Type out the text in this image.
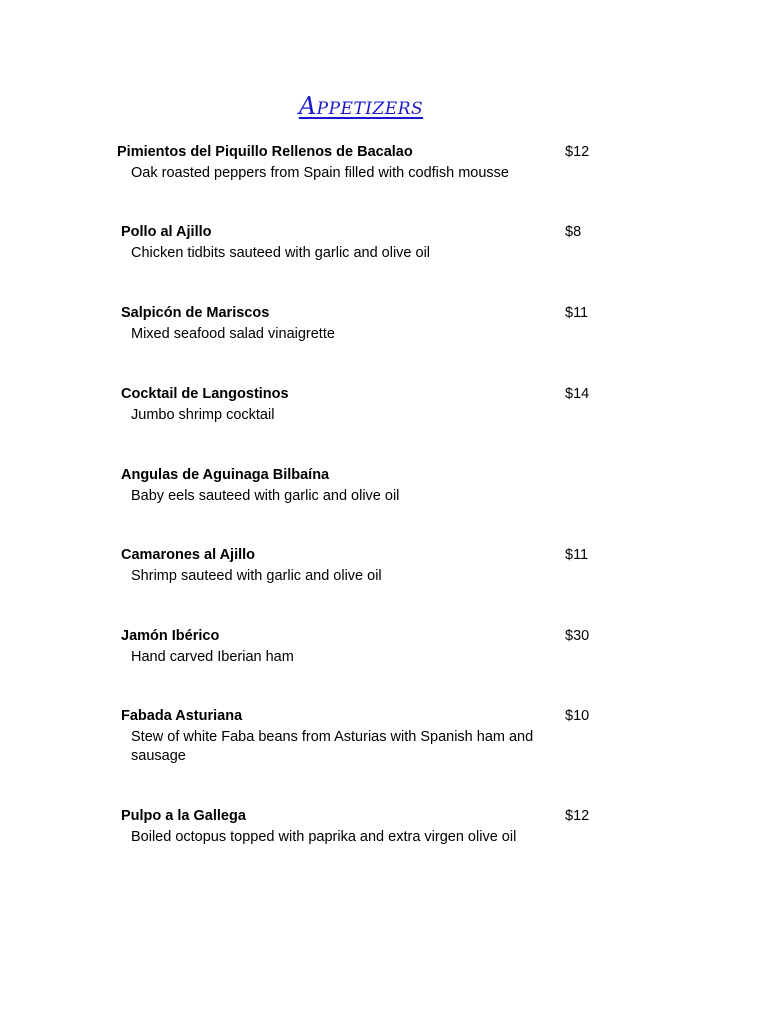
Appetizers
Pimientos del Piquillo Rellenos de Bacalao	$12
Oak roasted peppers from Spain filled with codfish mousse
Pollo al Ajillo	$8
Chicken tidbits sauteed with garlic and olive oil
Salpicón de Mariscos	$11
Mixed seafood salad vinaigrette
Cocktail de Langostinos	$14
Jumbo shrimp cocktail
Angulas de Aguinaga Bilbaína
Baby eels sauteed with garlic and olive oil
Camarones al Ajillo	$11
Shrimp sauteed with garlic and olive oil
Jamón Ibérico	$30
Hand carved Iberian ham
Fabada Asturiana	$10
Stew of white Faba beans from Asturias with Spanish ham and sausage
Pulpo a la Gallega	$12
Boiled octopus topped with paprika and extra virgen olive oil
